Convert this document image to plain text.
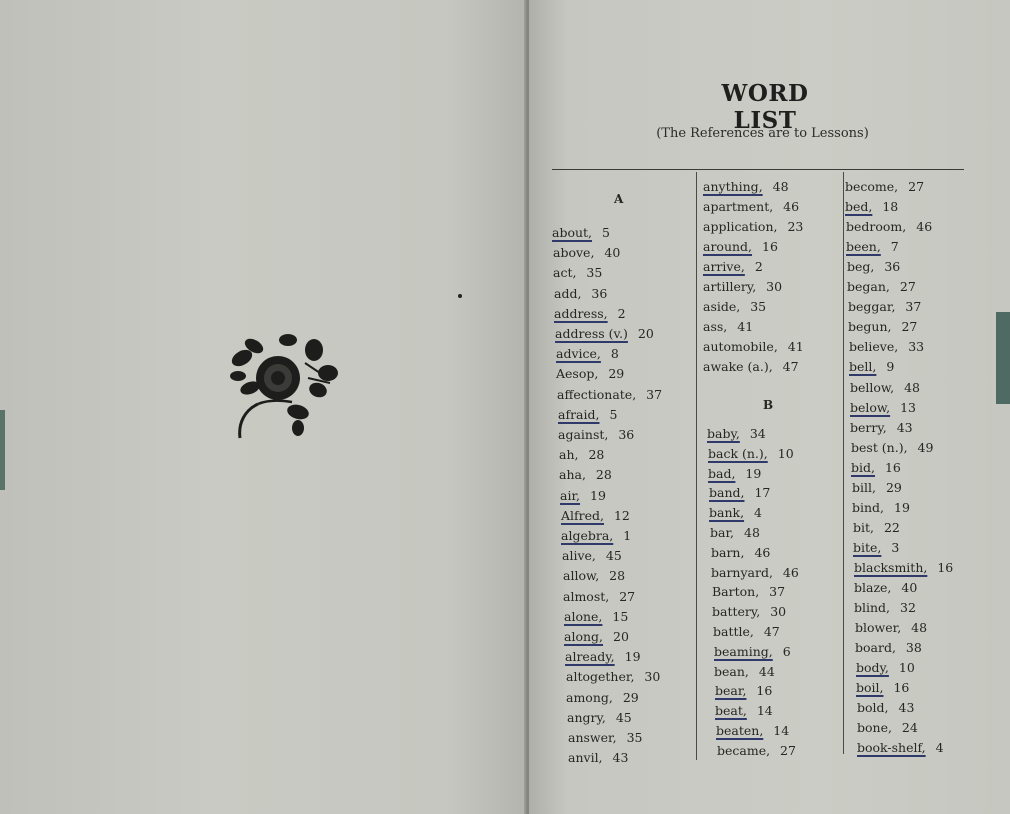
WORD LIST
(The References are to Lessons)
A
about, 5
above, 40
act, 35
add, 36
address, 2
address (v.) 20
advice, 8
Aesop, 29
affectionate, 37
afraid, 5
against, 36
ah, 28
aha, 28
air, 19
Alfred, 12
algebra, 1
alive, 45
allow, 28
almost, 27
alone, 15
along, 20
already, 19
altogether, 30
among, 29
angry, 45
answer, 35
anvil, 43
anything, 48
apartment, 46
application, 23
around, 16
arrive, 2
artillery, 30
aside, 35
ass, 41
automobile, 41
awake (a.), 47
B
baby, 34
back (n.), 10
bad, 19
band, 17
bank, 4
bar, 48
barn, 46
barnyard, 46
Barton, 37
battery, 30
battle, 47
beaming, 6
bean, 44
bear, 16
beat, 14
beaten, 14
became, 27
become, 27
bed, 18
bedroom, 46
been, 7
beg, 36
began, 27
beggar, 37
begun, 27
believe, 33
bell, 9
bellow, 48
below, 13
berry, 43
best (n.), 49
bid, 16
bill, 29
bind, 19
bit, 22
bite, 3
blacksmith, 16
blaze, 40
blind, 32
blower, 48
board, 38
body, 10
boil, 16
bold, 43
bone, 24
book-shelf, 4
